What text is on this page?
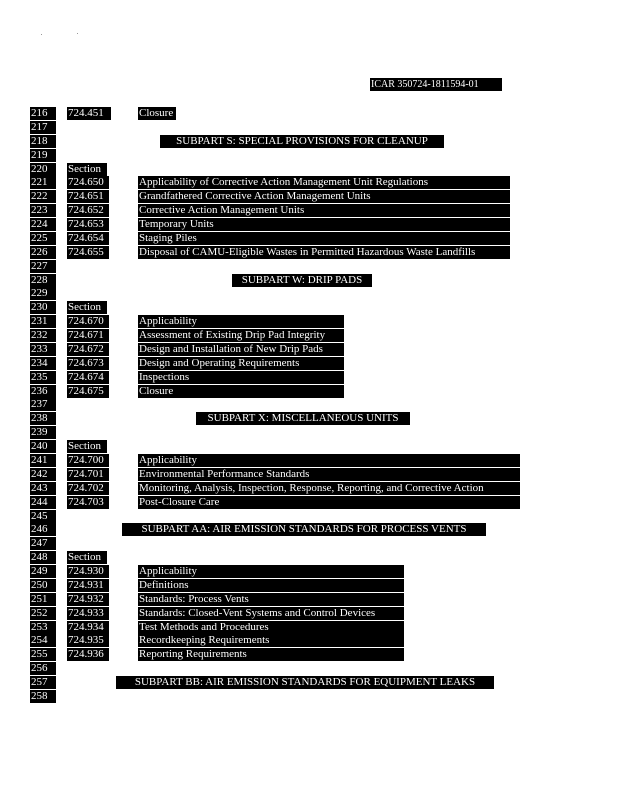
ICAR 350724-1811594-01
216	724.451	Closure
217
218	SUBPART S: SPECIAL PROVISIONS FOR CLEANUP
219
220	Section
221	724.650	Applicability of Corrective Action Management Unit Regulations
222	724.651	Grandfathered Corrective Action Management Units
223	724.652	Corrective Action Management Units
224	724.653	Temporary Units
225	724.654	Staging Piles
226	724.655	Disposal of CAMU-Eligible Wastes in Permitted Hazardous Waste Landfills
227
228	SUBPART W: DRIP PADS
229
230	Section
231	724.670	Applicability
232	724.671	Assessment of Existing Drip Pad Integrity
233	724.672	Design and Installation of New Drip Pads
234	724.673	Design and Operating Requirements
235	724.674	Inspections
236	724.675	Closure
237
238	SUBPART X: MISCELLANEOUS UNITS
239
240	Section
241	724.700	Applicability
242	724.701	Environmental Performance Standards
243	724.702	Monitoring, Analysis, Inspection, Response, Reporting, and Corrective Action
244	724.703	Post-Closure Care
245
246	SUBPART AA: AIR EMISSION STANDARDS FOR PROCESS VENTS
247
248	Section
249	724.930	Applicability
250	724.931	Definitions
251	724.932	Standards: Process Vents
252	724.933	Standards: Closed-Vent Systems and Control Devices
253	724.934	Test Methods and Procedures
254	724.935	Recordkeeping Requirements
255	724.936	Reporting Requirements
256
257	SUBPART BB: AIR EMISSION STANDARDS FOR EQUIPMENT LEAKS
258
